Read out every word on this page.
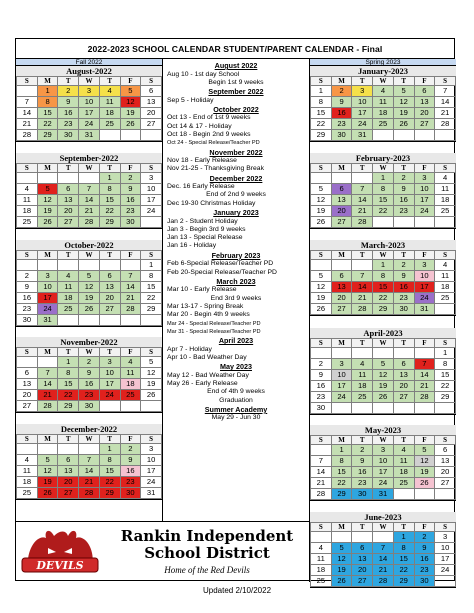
2022-2023 SCHOOL CALENDAR STUDENT/PARENT CALENDAR - Final
Fall 2022
August-2022
S	M	T	W	T	F	S
	1	2	3	4	5	6
7	8	9	10	11	12	13
14	15	16	17	18	19	20
21	22	23	24	25	26	27
28	29	30	31			
September-2022
S	M	T	W	T	F	S
				1	2	3
4	5	6	7	8	9	10
11	12	13	14	15	16	17
18	19	20	21	22	23	24
25	26	27	28	29	30	
October-2022
S	M	T	W	T	F	S
						1
2	3	4	5	6	7	8
9	10	11	12	13	14	15
16	17	18	19	20	21	22
23	24	25	26	27	28	29
30	31					
November-2022
S	M	T	W	T	F	S
		1	2	3	4	5
6	7	8	9	10	11	12
13	14	15	16	17	18	19
20	21	22	23	24	25	26
27	28	29	30			
December-2022
S	M	T	W	T	F	S
				1	2	3
4	5	6	7	8	9	10
11	12	13	14	15	16	17
18	19	20	21	22	23	24
25	26	27	28	29	30	31
August 2022
Aug 10 - 1st day School
Begin 1st 9 weeks
September 2022
Sep 5 - Holiday
October 2022
Oct 13 - End of 1st 9 weeks
Oct 14 & 17 - Holiday
Oct 18 - Begin 2nd 9 weeks
Oct 24 - Special Release/Teacher PD
November 2022
Nov 18 - Early Release
Nov 21-25 - Thanksgiving Break
December 2022
Dec. 16 Early Release
End of 2nd 9 weeks
Dec 19-30 Christmas Holiday
January 2023
Jan 2 - Student Holiday
Jan 3 - Begin 3rd 9 weeks
Jan 13 - Special Release
Jan 16 - Holiday
February 2023
Feb 6-Special Release/Teacher PD
Feb 20-Special Release/Teacher PD
March 2023
Mar 10 - Early Release
End 3rd 9 weeks
Mar 13-17 - Spring Break
Mar 20 - Begin 4th 9 weeks
Mar 24 - Special Release/Teacher PD
Mar 31 - Special Release/Teacher PD
April 2023
Apr 7 - Holiday
Apr 10 - Bad Weather Day
May 2023
May 12 - Bad Weather Day
May 26 - Early Release
End of 4th 9 weeks
Graduation
Summer Academy
May 29 - Jun 30
Spring 2023
January-2023
S	M	T	W	T	F	S
1	2	3	4	5	6	7
8	9	10	11	12	13	14
15	16	17	18	19	20	21
22	23	24	25	26	27	28
29	30	31				
February-2023
S	M	T	W	T	F	S
			1	2	3	4
5	6	7	8	9	10	11
12	13	14	15	16	17	18
19	20	21	22	23	24	25
26	27	28				
March-2023
S	M	T	W	T	F	S
			1	2	3	4
5	6	7	8	9	10	11
12	13	14	15	16	17	18
19	20	21	22	23	24	25
26	27	28	29	30	31	
April-2023
S	M	T	W	T	F	S
						1
2	3	4	5	6	7	8
9	10	11	12	13	14	15
16	17	18	19	20	21	22
23	24	25	26	27	28	29
30						
May-2023
S	M	T	W	T	F	S
	1	2	3	4	5	6
7	8	9	10	11	12	13
14	15	16	17	18	19	20
21	22	23	24	25	26	27
28	29	30	31			
June-2023
S	M	T	W	T	F	S
				1	2	3
4	5	6	7	8	9	10
11	12	13	14	15	16	17
18	19	20	21	22	23	24
25	26	27	28	29	30	
DEVILS
Rankin Independent
School District
Home of the Red Devils
Updated 2/10/2022
